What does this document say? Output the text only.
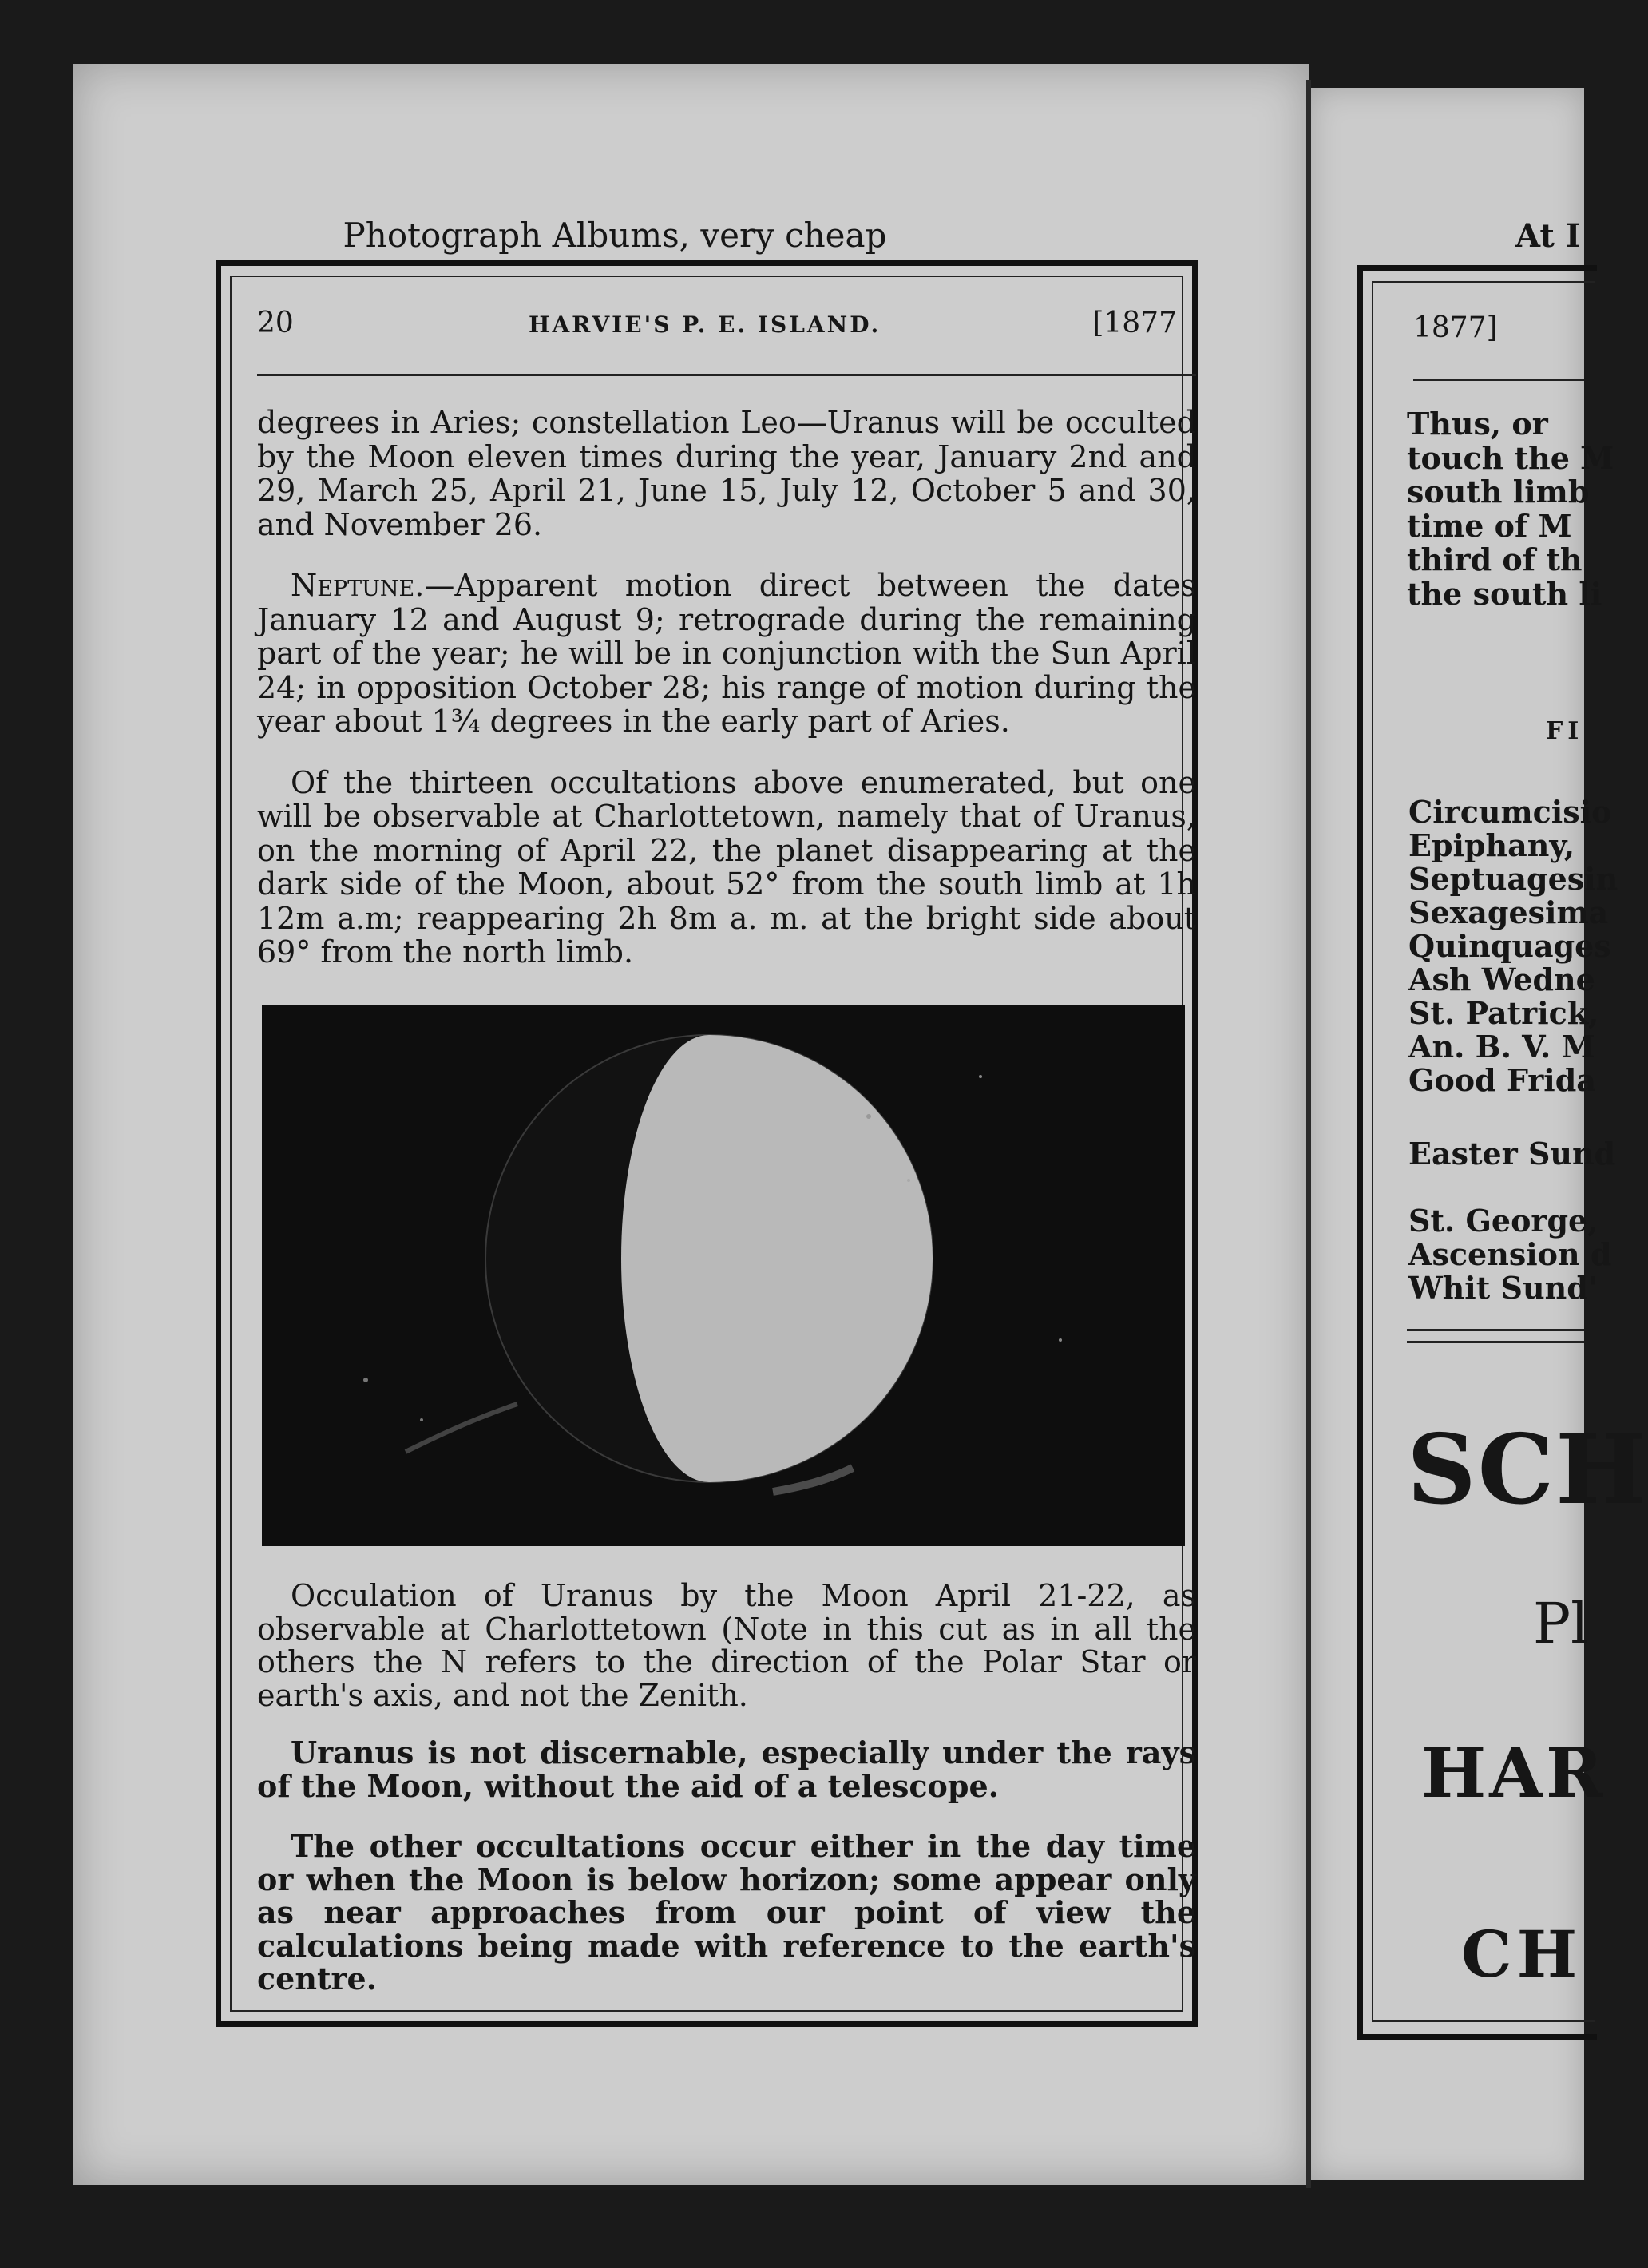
Photograph Albums, very cheap
20	HARVIE'S P. E. ISLAND.	[1877

degrees in Aries; constellation Leo—Uranus will be occulted by the Moon eleven times during the year, January 2nd and 29, March 25, April 21, June 15, July 12, October 5 and 30, and November 26.

Neptune.—Apparent motion direct between the dates January 12 and August 9; retrograde during the remaining part of the year; he will be in conjunction with the Sun April 24; in opposition October 28; his range of motion during the year about 1¾ degrees in the early part of Aries.

Of the thirteen occultations above enumerated, but one will be observable at Charlottetown, namely that of Uranus, on the morning of April 22, the planet disappearing at the dark side of the Moon, about 52° from the south limb at 1h 12m a.m; reappearing 2h 8m a. m. at the bright side about 69° from the north limb.

Occulation of Uranus by the Moon April 21-22, as observable at Charlottetown (Note in this cut as in all the others the N refers to the direction of the Polar Star or earth's axis, and not the Zenith.

Uranus is not discernable, especially under the rays of the Moon, without the aid of a telescope.

The other occultations occur either in the day time or when the Moon is below horizon; some appear only as near approaches from our point of view the calculations being made with reference to the earth's centre.

At I
1877]
Thus, or
touch the M
south limb
time of M
third of th
the south li
FI
Circumcisio
Epiphany,
Septuagesin
Sexagesima
Quinquages
Ash Wedne
St. Patrick,
An. B. V. M
Good Frida
Easter Sund
St. George,
Ascension d
Whit Sund'
SCH
Pl
HAR
CH
